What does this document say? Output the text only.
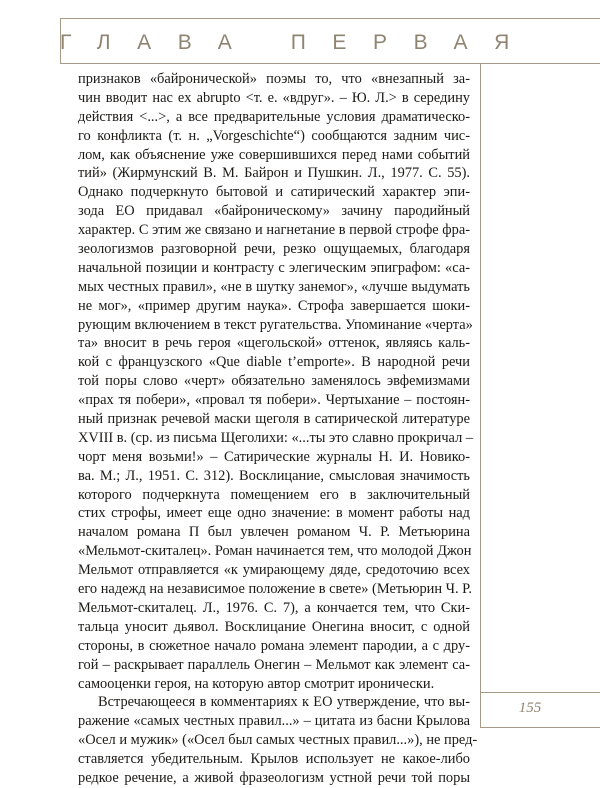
ГЛАВА ПЕРВАЯ
признаков «байронической» поэмы то, что «внезапный за-
чин вводит нас ex abrupto <т. е. «вдруг». – Ю. Л.> в середину
действия <...>, а все предварительные условия драматическо-
го конфликта (т. н. „Vorgeschichte“) сообщаются задним чис-
лом, как объяснение уже совершившихся перед нами событий
тий» (Жирмунский В. М. Байрон и Пушкин. Л., 1977. С. 55).
Однако подчеркнуто бытовой и сатирический характер эпи-
зода ЕО придавал «байроническому» зачину пародийный
характер. С этим же связано и нагнетание в первой строфе фра-
зеологизмов разговорной речи, резко ощущаемых, благодаря
начальной позиции и контрасту с элегическим эпиграфом: «са-
мых честных правил», «не в шутку занемог», «лучше выдумать
не мог», «пример другим наука». Строфа завершается шоки-
рующим включением в текст ругательства. Упоминание «черта»
та» вносит в речь героя «щегольской» оттенок, являясь каль-
кой с французского «Que diable t’emporte». В народной речи
той поры слово «черт» обязательно заменялось эвфемизмами
«прах тя побери», «провал тя побери». Чертыхание – постоян-
ный признак речевой маски щеголя в сатирической литературе
XVIII в. (ср. из письма Щеголихи: «...ты это славно прокричал –
чорт меня возьми!» – Сатирические журналы Н. И. Новико-
ва. М.; Л., 1951. С. 312). Восклицание, смысловая значимость
которого подчеркнута помещением его в заключительный
стих строфы, имеет еще одно значение: в момент работы над
началом романа П был увлечен романом Ч. Р. Метьюрина
«Мельмот-скиталец». Роман начинается тем, что молодой Джон
Мельмот отправляется «к умирающему дяде, средоточию всех
его надежд на независимое положение в свете» (Метьюрин Ч. Р.
Мельмот-скиталец. Л., 1976. С. 7), а кончается тем, что Ски-
тальца уносит дьявол. Восклицание Онегина вносит, с одной
стороны, в сюжетное начало романа элемент пародии, а с дру-
гой – раскрывает параллель Онегин – Мельмот как элемент са-
самооценки героя, на которую автор смотрит иронически.
Встречающееся в комментариях к ЕО утверждение, что вы-
ражение «самых честных правил...» – цитата из басни Крылова
«Осел и мужик» («Осел был самых честных правил...»), не пред-
ставляется убедительным. Крылов использует не какое-либо
редкое речение, а живой фразеологизм устной речи той поры
155
